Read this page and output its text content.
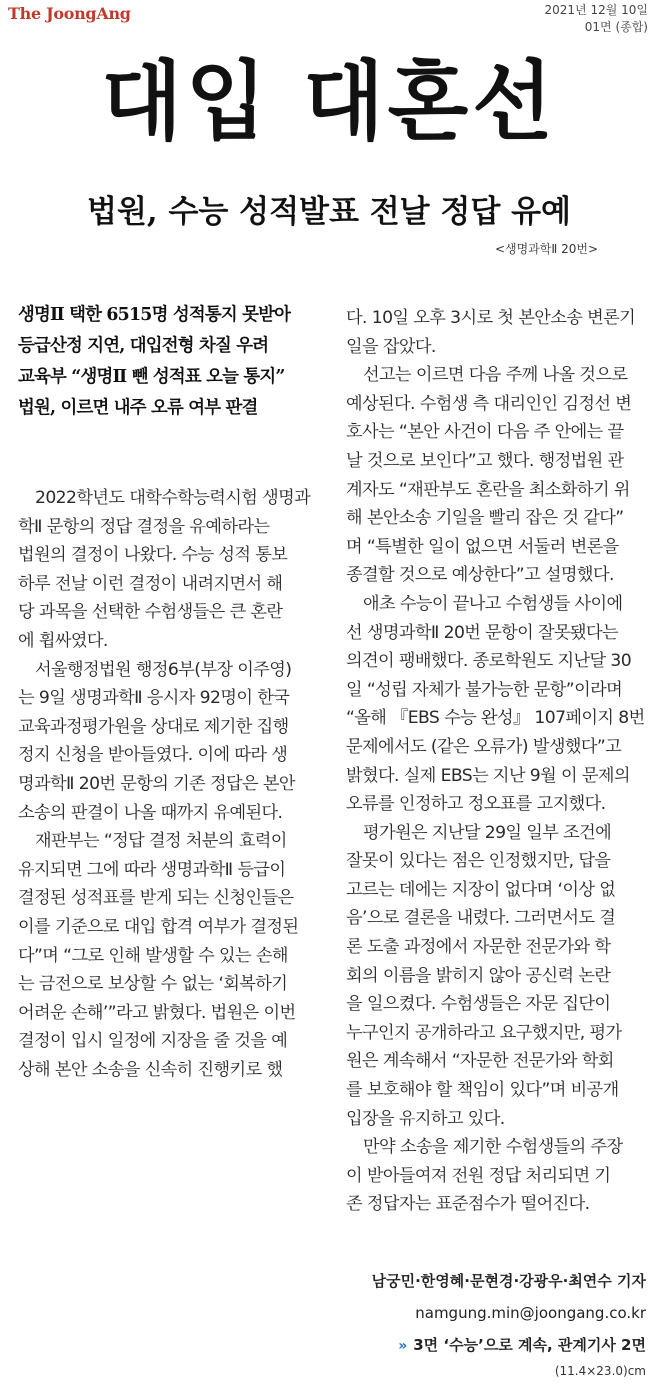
The JoongAng	2021년 12월 10일
01면 (종합)
대입 대혼선
법원, 수능 성적발표 전날 정답 유예
<생명과학Ⅱ 20번>
생명Ⅱ 택한 6515명 성적통지 못받아
등급산정 지연, 대입전형 차질 우려
교육부 “생명Ⅱ 뺀 성적표 오늘 통지”
법원, 이르면 내주 오류 여부 판결
2022학년도 대학수학능력시험 생명과
학Ⅱ 문항의 정답 결정을 유예하라는
법원의 결정이 나왔다. 수능 성적 통보
하루 전날 이런 결정이 내려지면서 해
당 과목을 선택한 수험생들은 큰 혼란
에 휩싸였다.
서울행정법원 행정6부(부장 이주영)
는 9일 생명과학Ⅱ 응시자 92명이 한국
교육과정평가원을 상대로 제기한 집행
정지 신청을 받아들였다. 이에 따라 생
명과학Ⅱ 20번 문항의 기존 정답은 본안
소송의 판결이 나올 때까지 유예된다.
재판부는 “정답 결정 처분의 효력이
유지되면 그에 따라 생명과학Ⅱ 등급이
결정된 성적표를 받게 되는 신청인들은
이를 기준으로 대입 합격 여부가 결정된
다”며 “그로 인해 발생할 수 있는 손해
는 금전으로 보상할 수 없는 ‘회복하기
어려운 손해’”라고 밝혔다. 법원은 이번
결정이 입시 일정에 지장을 줄 것을 예
상해 본안 소송을 신속히 진행키로 했
다. 10일 오후 3시로 첫 본안소송 변론기
일을 잡았다.
선고는 이르면 다음 주께 나올 것으로
예상된다. 수험생 측 대리인인 김정선 변
호사는 “본안 사건이 다음 주 안에는 끝
날 것으로 보인다”고 했다. 행정법원 관
계자도 “재판부도 혼란을 최소화하기 위
해 본안소송 기일을 빨리 잡은 것 같다”
며 “특별한 일이 없으면 서둘러 변론을
종결할 것으로 예상한다”고 설명했다.
애초 수능이 끝나고 수험생들 사이에
선 생명과학Ⅱ 20번 문항이 잘못됐다는
의견이 팽배했다. 종로학원도 지난달 30
일 “성립 자체가 불가능한 문항”이라며
“올해 『EBS 수능 완성』 107페이지 8번
문제에서도 (같은 오류가) 발생했다”고
밝혔다. 실제 EBS는 지난 9월 이 문제의
오류를 인정하고 정오표를 고지했다.
평가원은 지난달 29일 일부 조건에
잘못이 있다는 점은 인정했지만, 답을
고르는 데에는 지장이 없다며 ‘이상 없
음’으로 결론을 내렸다. 그러면서도 결
론 도출 과정에서 자문한 전문가와 학
회의 이름을 밝히지 않아 공신력 논란
을 일으켰다. 수험생들은 자문 집단이
누구인지 공개하라고 요구했지만, 평가
원은 계속해서 “자문한 전문가와 학회
를 보호해야 할 책임이 있다”며 비공개
입장을 유지하고 있다.
만약 소송을 제기한 수험생들의 주장
이 받아들여져 전원 정답 처리되면 기
존 정답자는 표준점수가 떨어진다.
남궁민·한영혜·문현경·강광우·최연수 기자
namgung.min@joongang.co.kr
» 3면 ‘수능’으로 계속, 관계기사 2면
(11.4×23.0)cm
